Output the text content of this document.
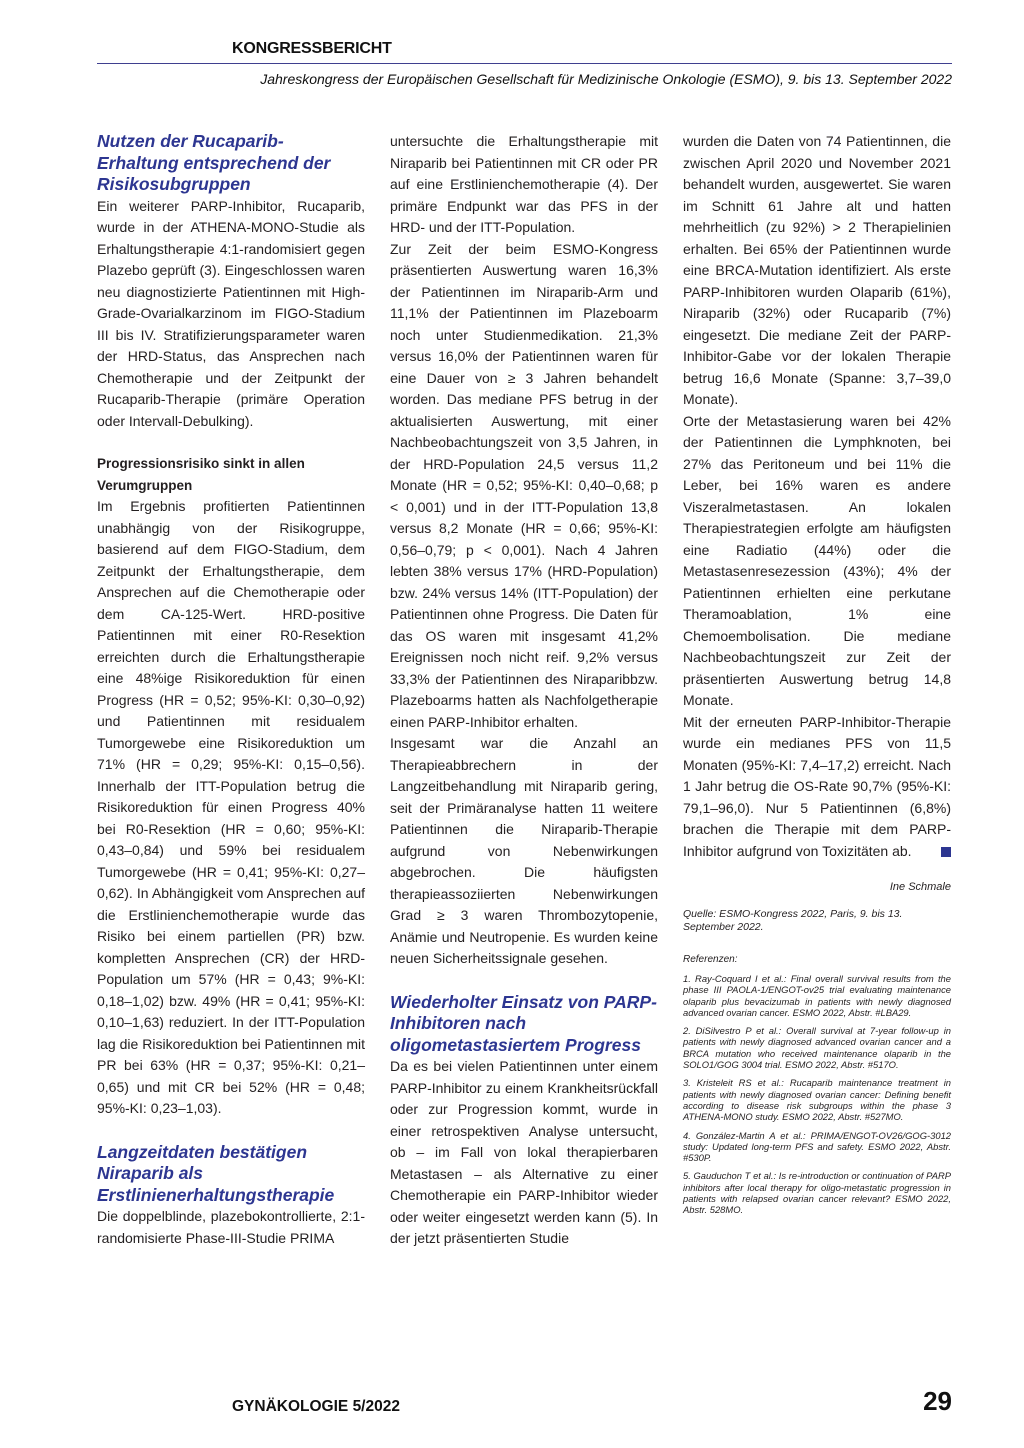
KONGRESSBERICHT
Jahreskongress der Europäischen Gesellschaft für Medizinische Onkologie (ESMO), 9. bis 13. September 2022
Nutzen der Rucaparib-Erhaltung entsprechend der Risikosubgruppen

Ein weiterer PARP-Inhibitor, Rucaparib, wurde in der ATHENA-MONO-Studie als Erhaltungstherapie 4:1-randomisiert gegen Plazebo geprüft (3). Eingeschlossen waren neu diagnostizierte Patientinnen mit High-Grade-Ovarialkarzinom im FIGO-Stadium III bis IV. Stratifizierungsparameter waren der HRD-Status, das Ansprechen nach Chemotherapie und der Zeitpunkt der Rucaparib-Therapie (primäre Operation oder Intervall-Debulking).

Progressionsrisiko sinkt in allen Verumgruppen

Im Ergebnis profitierten Patientinnen unabhängig von der Risikogruppe, basierend auf dem FIGO-Stadium, dem Zeitpunkt der Erhaltungstherapie, dem Ansprechen auf die Chemotherapie oder dem CA-125-Wert. HRD-positive Patientinnen mit einer R0-Resektion erreichten durch die Erhaltungstherapie eine 48%ige Risikoreduktion für einen Progress (HR = 0,52; 95%-KI: 0,30–0,92) und Patientinnen mit residualem Tumorgewebe eine Risikoreduktion um 71% (HR = 0,29; 95%-KI: 0,15–0,56). Innerhalb der ITT-Population betrug die Risikoreduktion für einen Progress 40% bei R0-Resektion (HR = 0,60; 95%-KI: 0,43–0,84) und 59% bei residualem Tumorgewebe (HR = 0,41; 95%-KI: 0,27–0,62). In Abhängigkeit vom Ansprechen auf die Erstlinienchemotherapie wurde das Risiko bei einem partiellen (PR) bzw. kompletten Ansprechen (CR) der HRD-Population um 57% (HR = 0,43; 9%-KI: 0,18–1,02) bzw. 49% (HR = 0,41; 95%-KI: 0,10–1,63) reduziert. In der ITT-Population lag die Risikoreduktion bei Patientinnen mit PR bei 63% (HR = 0,37; 95%-KI: 0,21–0,65) und mit CR bei 52% (HR = 0,48; 95%-KI: 0,23–1,03).

Langzeitdaten bestätigen Niraparib als Erstlinienerhaltungstherapie

Die doppelblinde, plazebokontrollierte, 2:1-randomisierte Phase-III-Studie PRIMA

untersuchte die Erhaltungstherapie mit Niraparib bei Patientinnen mit CR oder PR auf eine Erstlinienchemotherapie (4). Der primäre Endpunkt war das PFS in der HRD- und der ITT-Population.

Zur Zeit der beim ESMO-Kongress präsentierten Auswertung waren 16,3% der Patientinnen im Niraparib-Arm und 11,1% der Patientinnen im Plazeboarm noch unter Studienmedikation. 21,3% versus 16,0% der Patientinnen waren für eine Dauer von ≥ 3 Jahren behandelt worden. Das mediane PFS betrug in der aktualisierten Auswertung, mit einer Nachbeobachtungszeit von 3,5 Jahren, in der HRD-Population 24,5 versus 11,2 Monate (HR = 0,52; 95%-KI: 0,40–0,68; p < 0,001) und in der ITT-Population 13,8 versus 8,2 Monate (HR = 0,66; 95%-KI: 0,56–0,79; p < 0,001). Nach 4 Jahren lebten 38% versus 17% (HRD-Population) bzw. 24% versus 14% (ITT-Population) der Patientinnen ohne Progress. Die Daten für das OS waren mit insgesamt 41,2% Ereignissen noch nicht reif. 9,2% versus 33,3% der Patientinnen des Niraparibbzw. Plazeboarms hatten als Nachfolgetherapie einen PARP-Inhibitor erhalten.

Insgesamt war die Anzahl an Therapieabbrechern in der Langzeitbehandlung mit Niraparib gering, seit der Primäranalyse hatten 11 weitere Patientinnen die Niraparib-Therapie aufgrund von Nebenwirkungen abgebrochen. Die häufigsten therapieassoziierten Nebenwirkungen Grad ≥ 3 waren Thrombozytopenie, Anämie und Neutropenie. Es wurden keine neuen Sicherheitssignale gesehen.

Wiederholter Einsatz von PARP-Inhibitoren nach oligometastasiertem Progress

Da es bei vielen Patientinnen unter einem PARP-Inhibitor zu einem Krankheitsrückfall oder zur Progression kommt, wurde in einer retrospektiven Analyse untersucht, ob – im Fall von lokal therapierbaren Metastasen – als Alternative zu einer Chemotherapie ein PARP-Inhibitor wieder oder weiter eingesetzt werden kann (5). In der jetzt präsentierten Studie

wurden die Daten von 74 Patientinnen, die zwischen April 2020 und November 2021 behandelt wurden, ausgewertet. Sie waren im Schnitt 61 Jahre alt und hatten mehrheitlich (zu 92%) > 2 Therapielinien erhalten. Bei 65% der Patientinnen wurde eine BRCA-Mutation identifiziert. Als erste PARP-Inhibitoren wurden Olaparib (61%), Niraparib (32%) oder Rucaparib (7%) eingesetzt. Die mediane Zeit der PARP-Inhibitor-Gabe vor der lokalen Therapie betrug 16,6 Monate (Spanne: 3,7–39,0 Monate).

Orte der Metastasierung waren bei 42% der Patientinnen die Lymphknoten, bei 27% das Peritoneum und bei 11% die Leber, bei 16% waren es andere Viszeralmetastasen. An lokalen Therapiestrategien erfolgte am häufigsten eine Radiatio (44%) oder die Metastasenresezession (43%); 4% der Patientinnen erhielten eine perkutane Theramoablation, 1% eine Chemoembolisation. Die mediane Nachbeobachtungszeit zur Zeit der präsentierten Auswertung betrug 14,8 Monate.

Mit der erneuten PARP-Inhibitor-Therapie wurde ein medianes PFS von 11,5 Monaten (95%-KI: 7,4–17,2) erreicht. Nach 1 Jahr betrug die OS-Rate 90,7% (95%-KI: 79,1–96,0). Nur 5 Patientinnen (6,8%) brachen die Therapie mit dem PARP-Inhibitor aufgrund von Toxizitäten ab.

Ine Schmale

Quelle: ESMO-Kongress 2022, Paris, 9. bis 13. September 2022.

Referenzen:

1. Ray-Coquard I et al.: Final overall survival results from the phase III PAOLA-1/ENGOT-ov25 trial evaluating maintenance olaparib plus bevacizumab in patients with newly diagnosed advanced ovarian cancer. ESMO 2022, Abstr. #LBA29.

2. DiSilvestro P et al.: Overall survival at 7-year follow-up in patients with newly diagnosed advanced ovarian cancer and a BRCA mutation who received maintenance olaparib in the SOLO1/GOG 3004 trial. ESMO 2022, Abstr. #517O.

3. Kristeleit RS et al.: Rucaparib maintenance treatment in patients with newly diagnosed ovarian cancer: Defining benefit according to disease risk subgroups within the phase 3 ATHENA-MONO study. ESMO 2022, Abstr. #527MO.

4. González-Martin A et al.: PRIMA/ENGOT-OV26/GOG-3012 study: Updated long-term PFS and safety. ESMO 2022, Abstr. #530P.

5. Gauduchon T et al.: Is re-introduction or continuation of PARP inhibitors after local therapy for oligo-metastatic progression in patients with relapsed ovarian cancer relevant? ESMO 2022, Abstr. 528MO.

GYNÄKOLOGIE 5/2022	29
